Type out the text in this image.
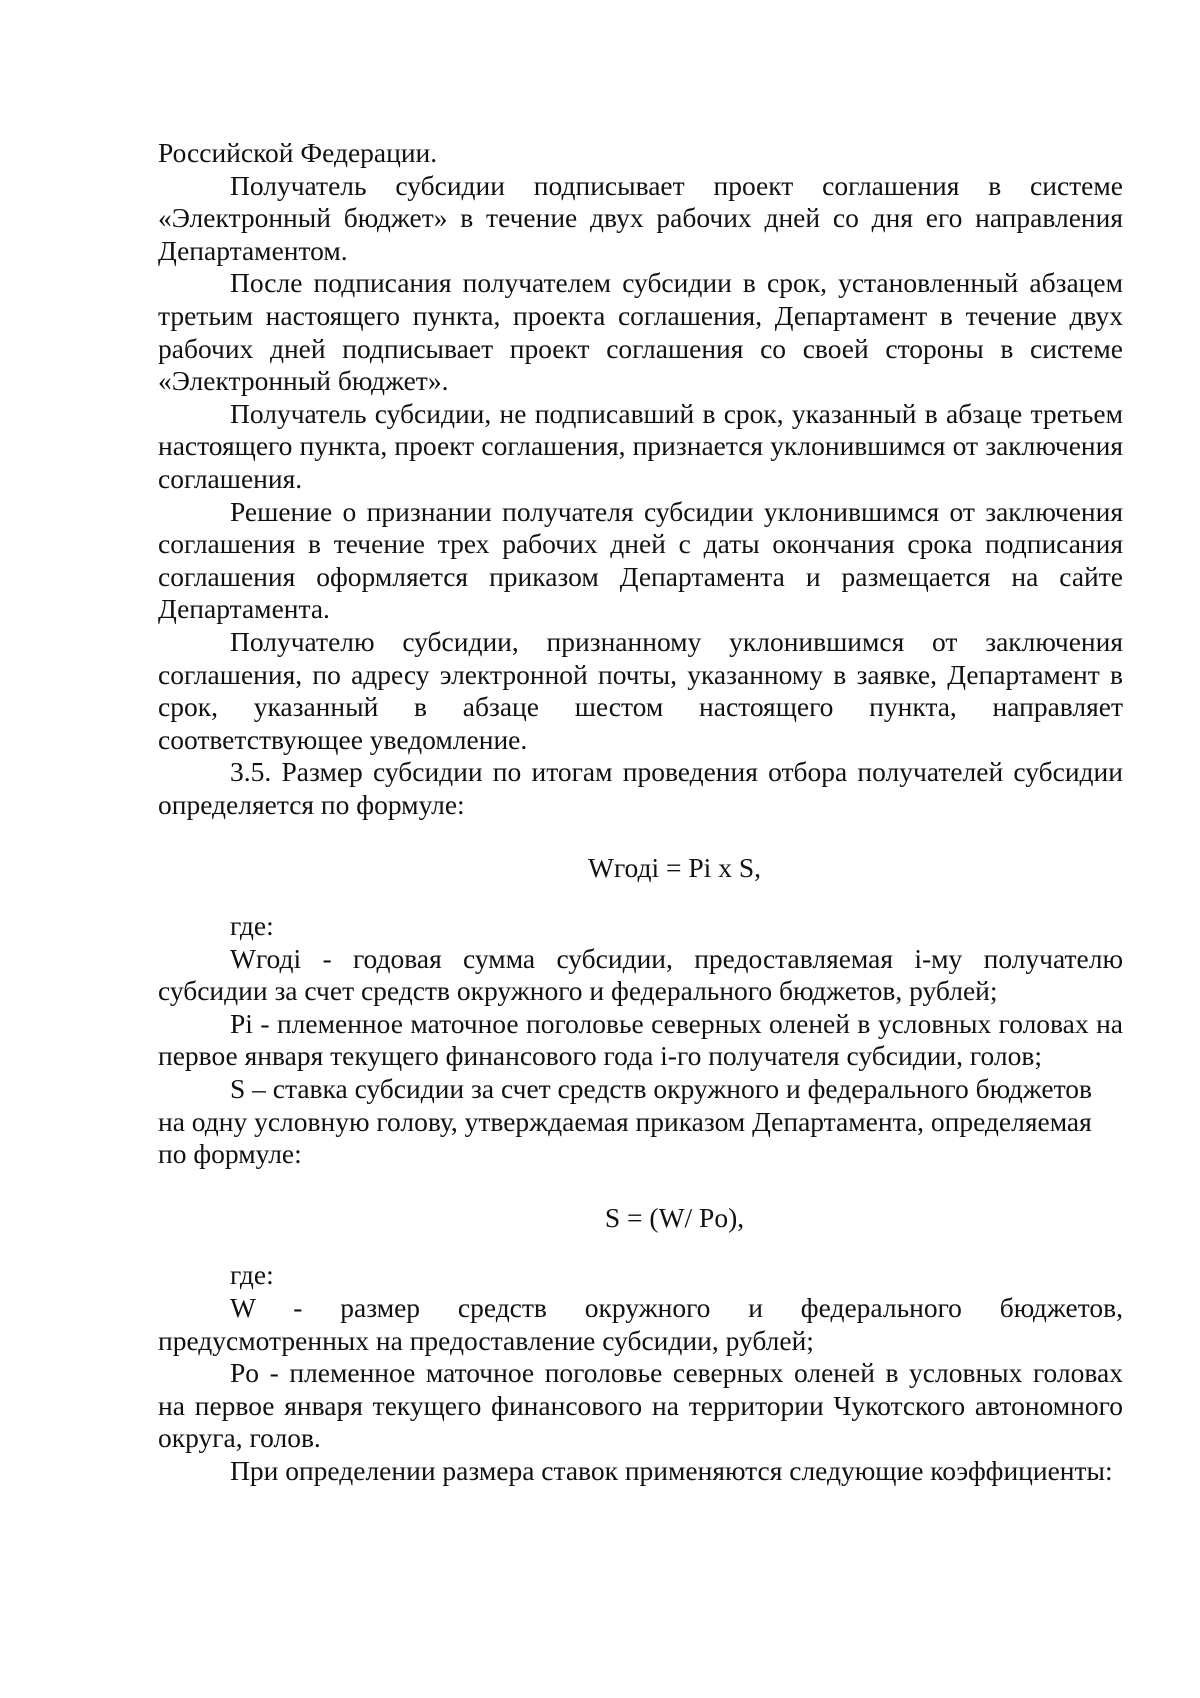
Российской Федерации.

Получатель субсидии подписывает проект соглашения в системе «Электронный бюджет» в течение двух рабочих дней со дня его направления Департаментом.

После подписания получателем субсидии в срок, установленный абзацем третьим настоящего пункта, проекта соглашения, Департамент в течение двух рабочих дней подписывает проект соглашения со своей стороны в системе «Электронный бюджет».

Получатель субсидии, не подписавший в срок, указанный в абзаце третьем настоящего пункта, проект соглашения, признается уклонившимся от заключения соглашения.

Решение о признании получателя субсидии уклонившимся от заключения соглашения в течение трех рабочих дней с даты окончания срока подписания соглашения оформляется приказом Департамента и размещается на сайте Департамента.

Получателю субсидии, признанному уклонившимся от заключения соглашения, по адресу электронной почты, указанному в заявке, Департамент в срок, указанный в абзаце шестом настоящего пункта, направляет соответствующее уведомление.

3.5. Размер субсидии по итогам проведения отбора получателей субсидии определяется по формуле:

Wгоді = Pi х S,

где:

Wгоді - годовая сумма субсидии, предоставляемая i-му получателю субсидии за счет средств окружного и федерального бюджетов, рублей;

Pi - племенное маточное поголовье северных оленей в условных головах на первое января текущего финансового года i-го получателя субсидии, голов;

S – ставка субсидии за счет средств окружного и федерального бюджетов на одну условную голову, утверждаемая приказом Департамента, определяемая

по формуле:

S = (W/ Po),

где:

W - размер средств окружного и федерального бюджетов, предусмотренных на предоставление субсидии, рублей;

Po - племенное маточное поголовье северных оленей в условных головах на первое января текущего финансового на территории Чукотского автономного округа, голов.

При определении размера ставок применяются следующие коэффициенты:
